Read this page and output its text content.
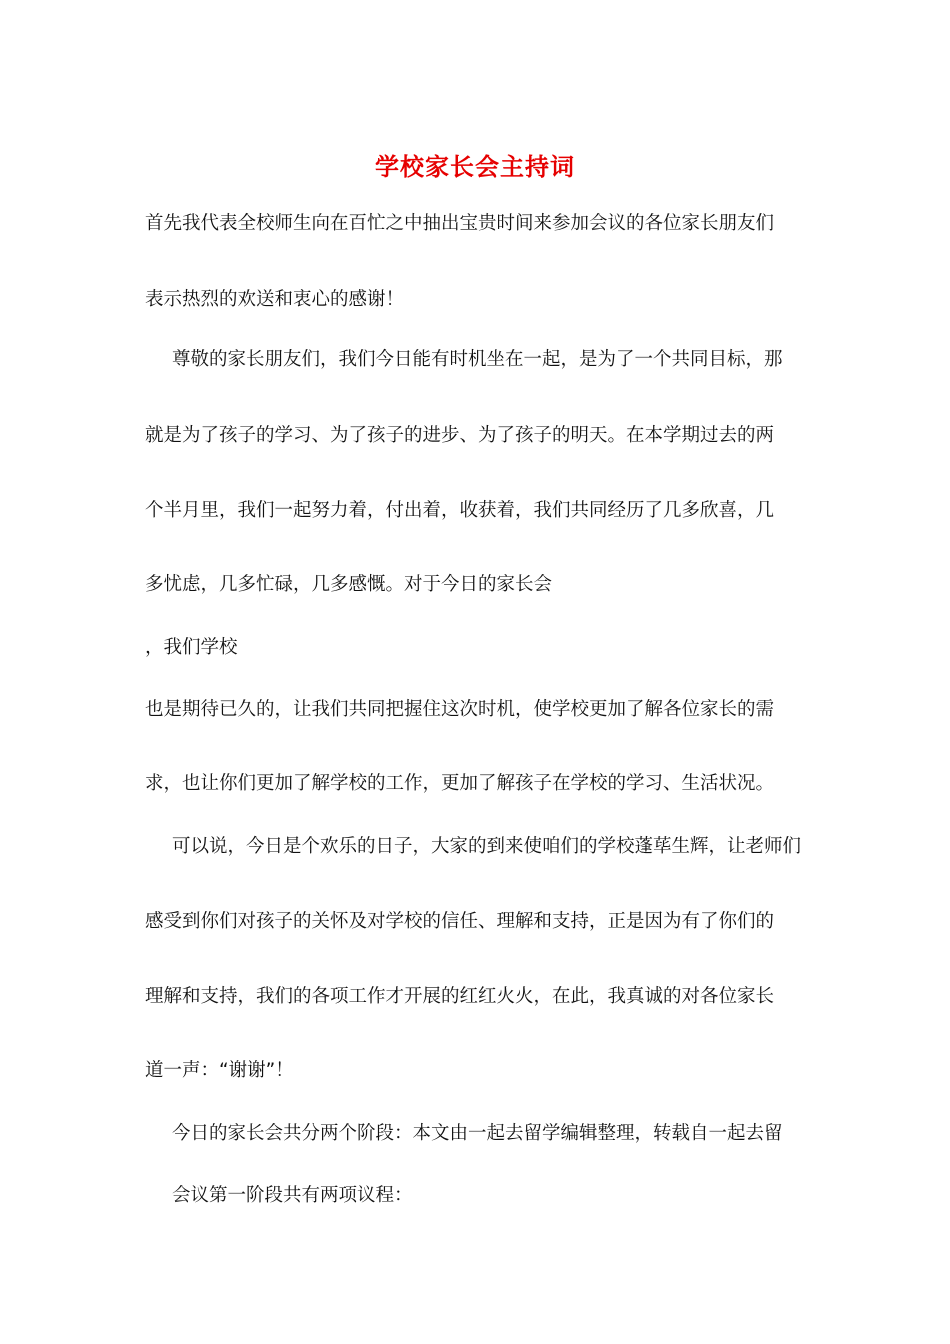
学校家长会主持词
首先我代表全校师生向在百忙之中抽出宝贵时间来参加会议的各位家长朋友们
表示热烈的欢送和衷心的感谢！
尊敬的家长朋友们，我们今日能有时机坐在一起，是为了一个共同目标，那
就是为了孩子的学习、为了孩子的进步、为了孩子的明天。在本学期过去的两
个半月里，我们一起努力着，付出着，收获着，我们共同经历了几多欣喜，几
多忧虑，几多忙碌，几多感慨。对于今日的家长会
，我们学校
也是期待已久的，让我们共同把握住这次时机，使学校更加了解各位家长的需
求，也让你们更加了解学校的工作，更加了解孩子在学校的学习、生活状况。
可以说，今日是个欢乐的日子，大家的到来使咱们的学校蓬荜生辉，让老师们
感受到你们对孩子的关怀及对学校的信任、理解和支持，正是因为有了你们的
理解和支持，我们的各项工作才开展的红红火火，在此，我真诚的对各位家长
道一声：“谢谢”！
今日的家长会共分两个阶段：本文由一起去留学编辑整理，转载自一起去留
会议第一阶段共有两项议程：
